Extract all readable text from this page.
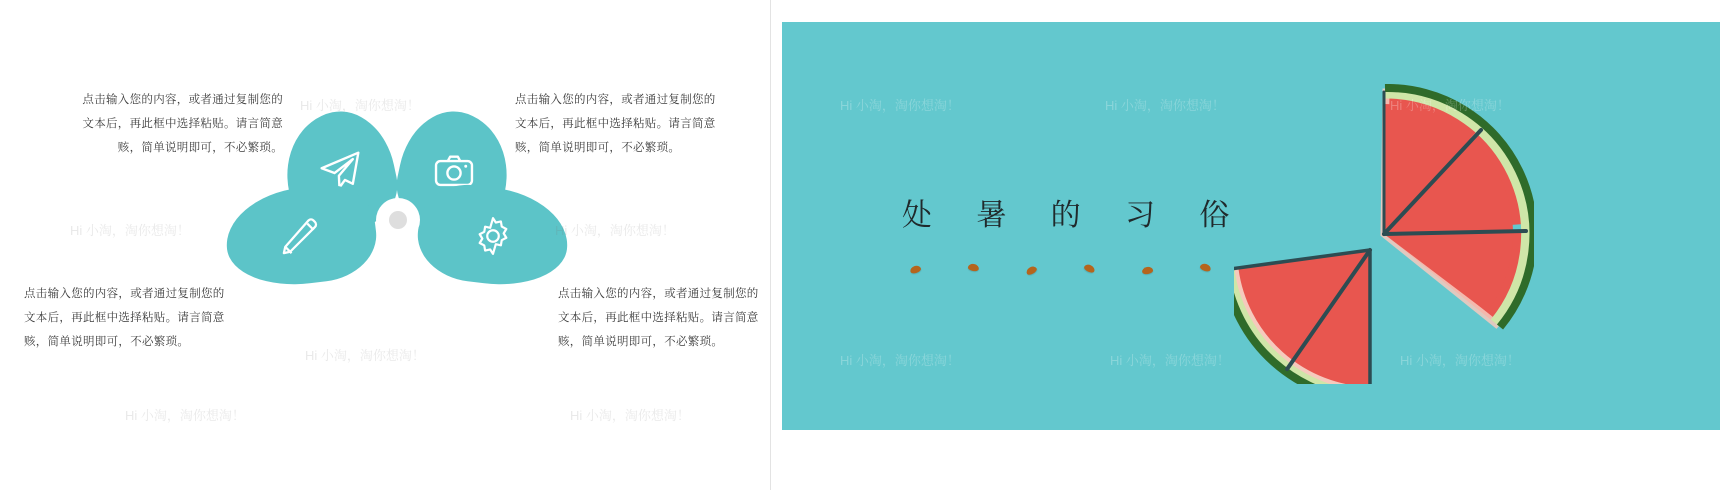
点击输入您的内容，或者通过复制您的文本后，再此框中选择粘贴。请言简意赅，简单说明即可，不必繁琐。
点击输入您的内容，或者通过复制您的文本后，再此框中选择粘贴。请言简意赅，简单说明即可，不必繁琐。
点击输入您的内容，或者通过复制您的文本后，再此框中选择粘贴。请言简意赅，简单说明即可，不必繁琐。
点击输入您的内容，或者通过复制您的文本后，再此框中选择粘贴。请言简意赅，简单说明即可，不必繁琐。
处 暑 的 习 俗
Hi 小淘，淘你想淘！	Hi 小淘，淘你想淘！	Hi 小淘，淘你想淘！
Hi 小淘，淘你想淘！	Hi 小淘，淘你想淘！	Hi 小淘，淘你想淘！
Hi 小淘，淘你想淘！	Hi 小淘，淘你想淘！	Hi 小淘，淘你想淘！
